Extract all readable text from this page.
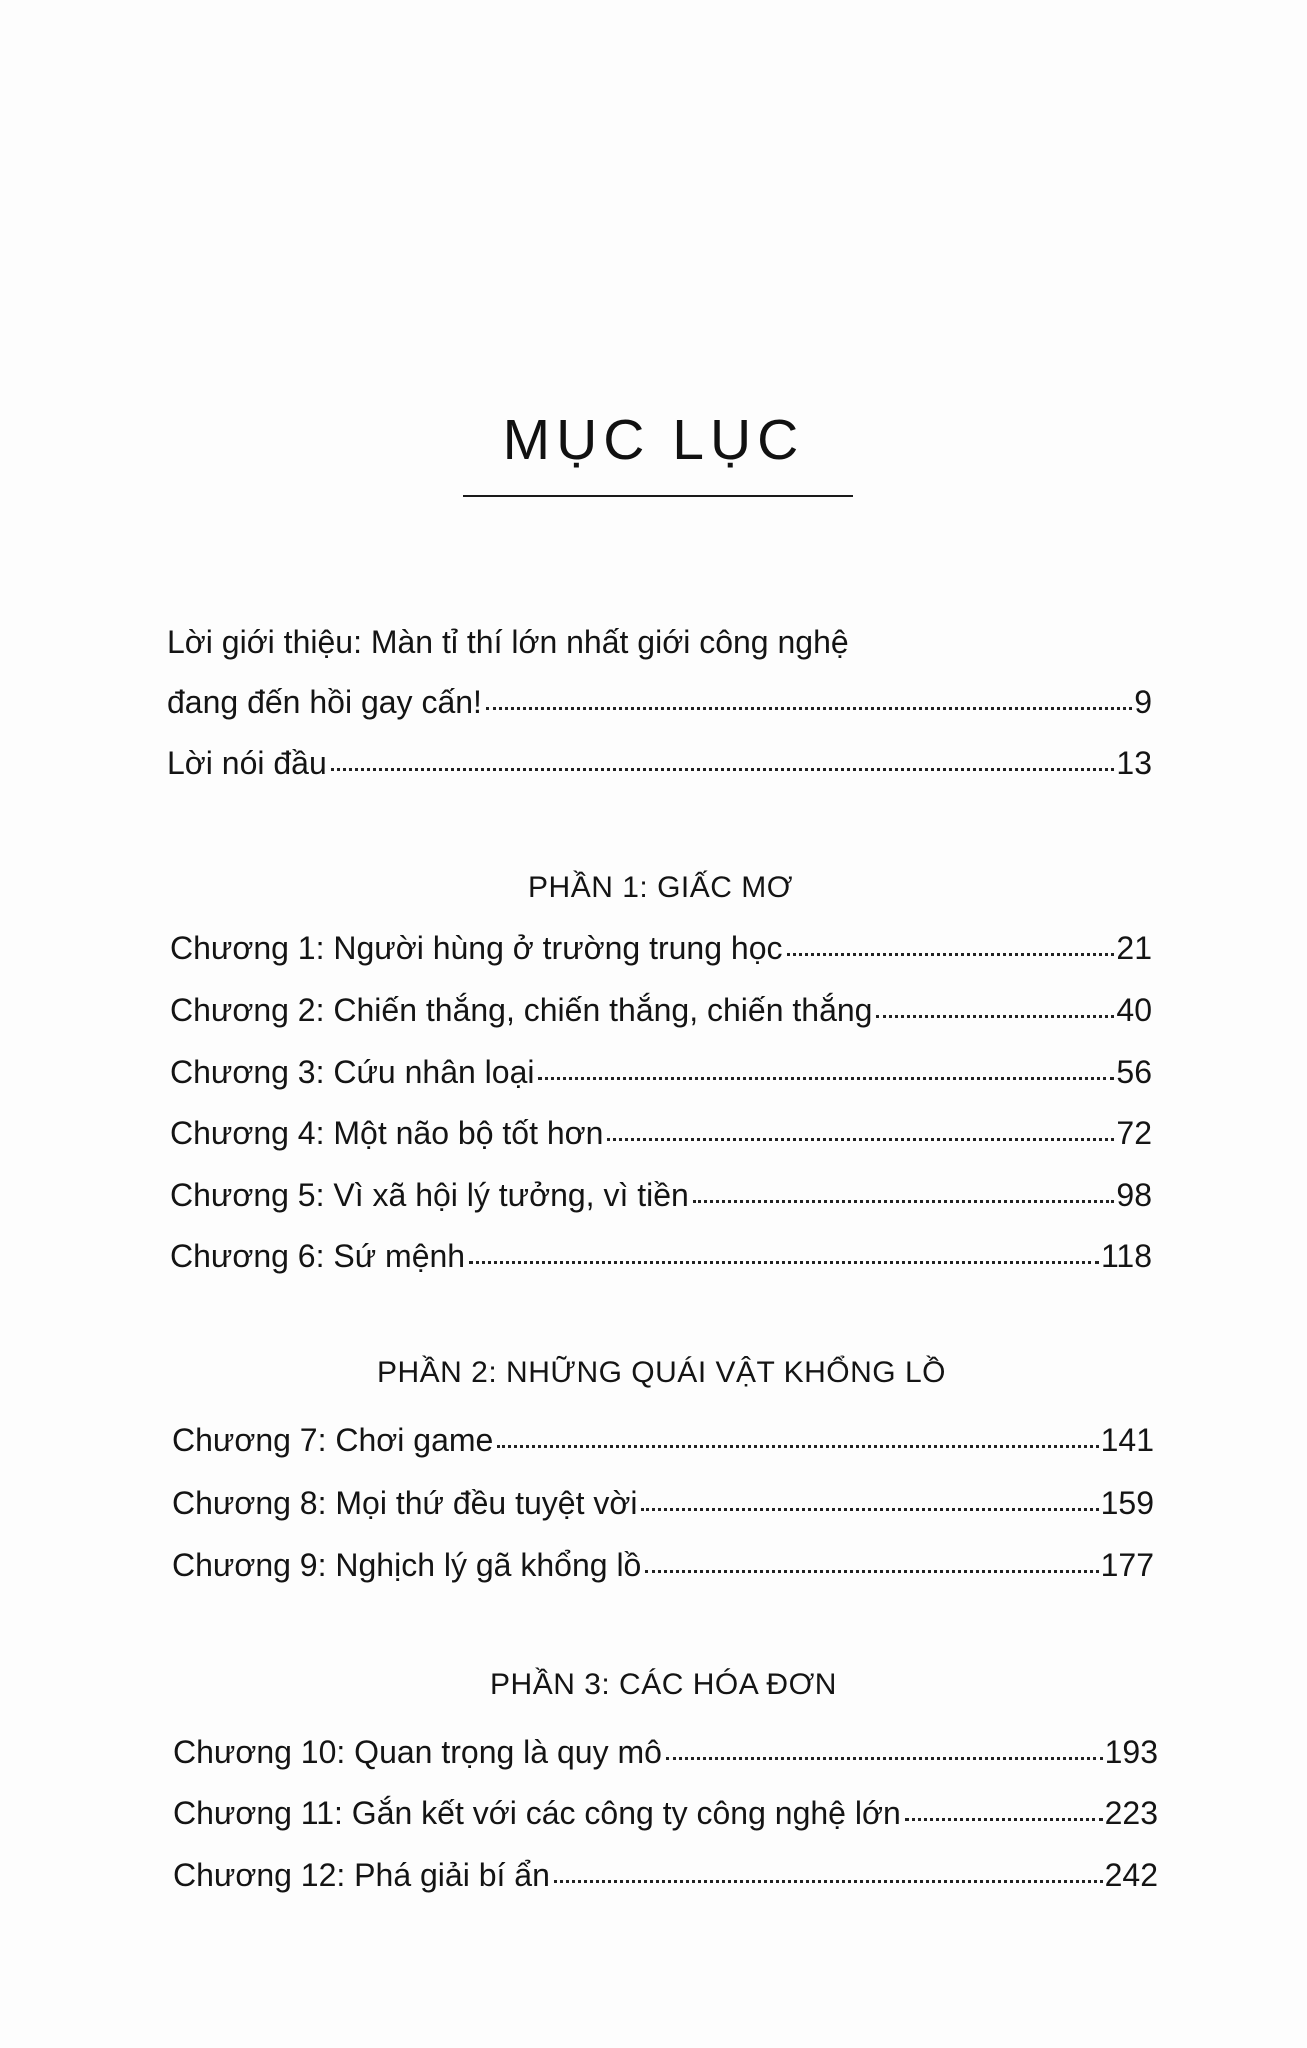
MỤC LỤC
Lời giới thiệu: Màn tỉ thí lớn nhất giới công nghệ
đang đến hồi gay cấn!	9
Lời nói đầu	13
PHẦN 1: GIẤC MƠ
Chương 1: Người hùng ở trường trung học	21
Chương 2: Chiến thắng, chiến thắng, chiến thắng	40
Chương 3: Cứu nhân loại	56
Chương 4: Một não bộ tốt hơn	72
Chương 5: Vì xã hội lý tưởng, vì tiền	98
Chương 6: Sứ mệnh	118
PHẦN 2: NHỮNG QUÁI VẬT KHỔNG LỒ
Chương 7: Chơi game	141
Chương 8: Mọi thứ đều tuyệt vời	159
Chương 9: Nghịch lý gã khổng lồ	177
PHẦN 3: CÁC HÓA ĐƠN
Chương 10: Quan trọng là quy mô	193
Chương 11: Gắn kết với các công ty công nghệ lớn	223
Chương 12: Phá giải bí ẩn	242
